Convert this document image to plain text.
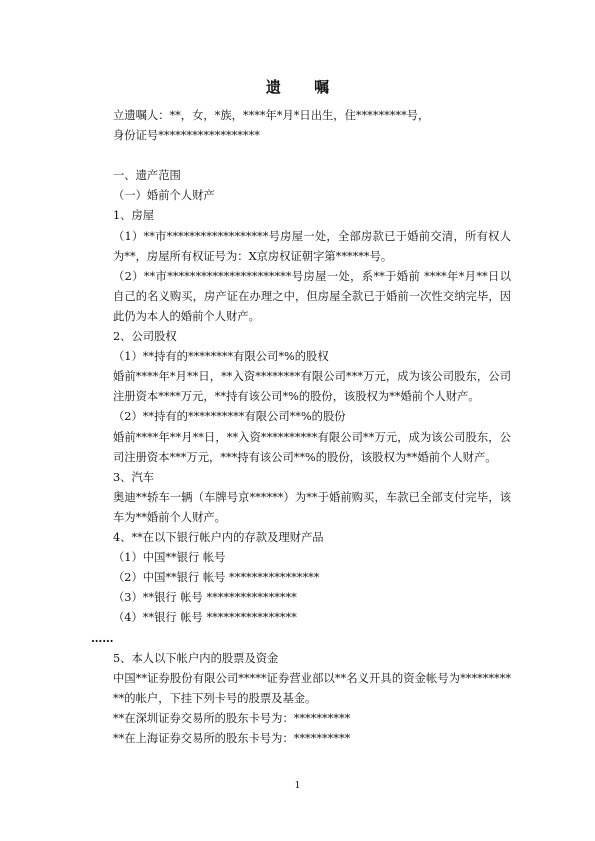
遗 嘱

立遗嘱人：**，女，*族，****年*月*日出生，住*********号，

身份证号******************

一、遗产范围

（一）婚前个人财产

1、房屋

（1）**市******************号房屋一处，全部房款已于婚前交清，所有权人为**，房屋所有权证号为：X京房权证朝字第******号。

（2）**市**********************号房屋一处，系**于婚前 ****年*月**日以自己的名义购买，房产证在办理之中，但房屋全款已于婚前一次性交纳完毕，因此仍为本人的婚前个人财产。

2、公司股权

（1）**持有的********有限公司*%的股权

婚前****年*月**日，**入资********有限公司***万元，成为该公司股东，公司注册资本****万元，**持有该公司*%的股份，该股权为**婚前个人财产。

（2）**持有的**********有限公司**%的股份

婚前****年**月**日，**入资**********有限公司**万元，成为该公司股东，公司注册资本***万元，***持有该公司**%的股份，该股权为**婚前个人财产。

3、汽车

奥迪**轿车一辆（车牌号京******）为**于婚前购买，车款已全部支付完毕，该车为**婚前个人财产。

4、**在以下银行帐户内的存款及理财产品

（1）中国**银行 帐号

（2）中国**银行 帐号 ****************

（3）**银行 帐号 ****************

（4）**银行 帐号 ****************

……

5、本人以下帐户内的股票及资金

中国**证券股份有限公司*****证券营业部以**名义开具的资金帐号为***********的帐户，下挂下列卡号的股票及基金。

**在深圳证券交易所的股东卡号为：**********

**在上海证券交易所的股东卡号为：**********

1
